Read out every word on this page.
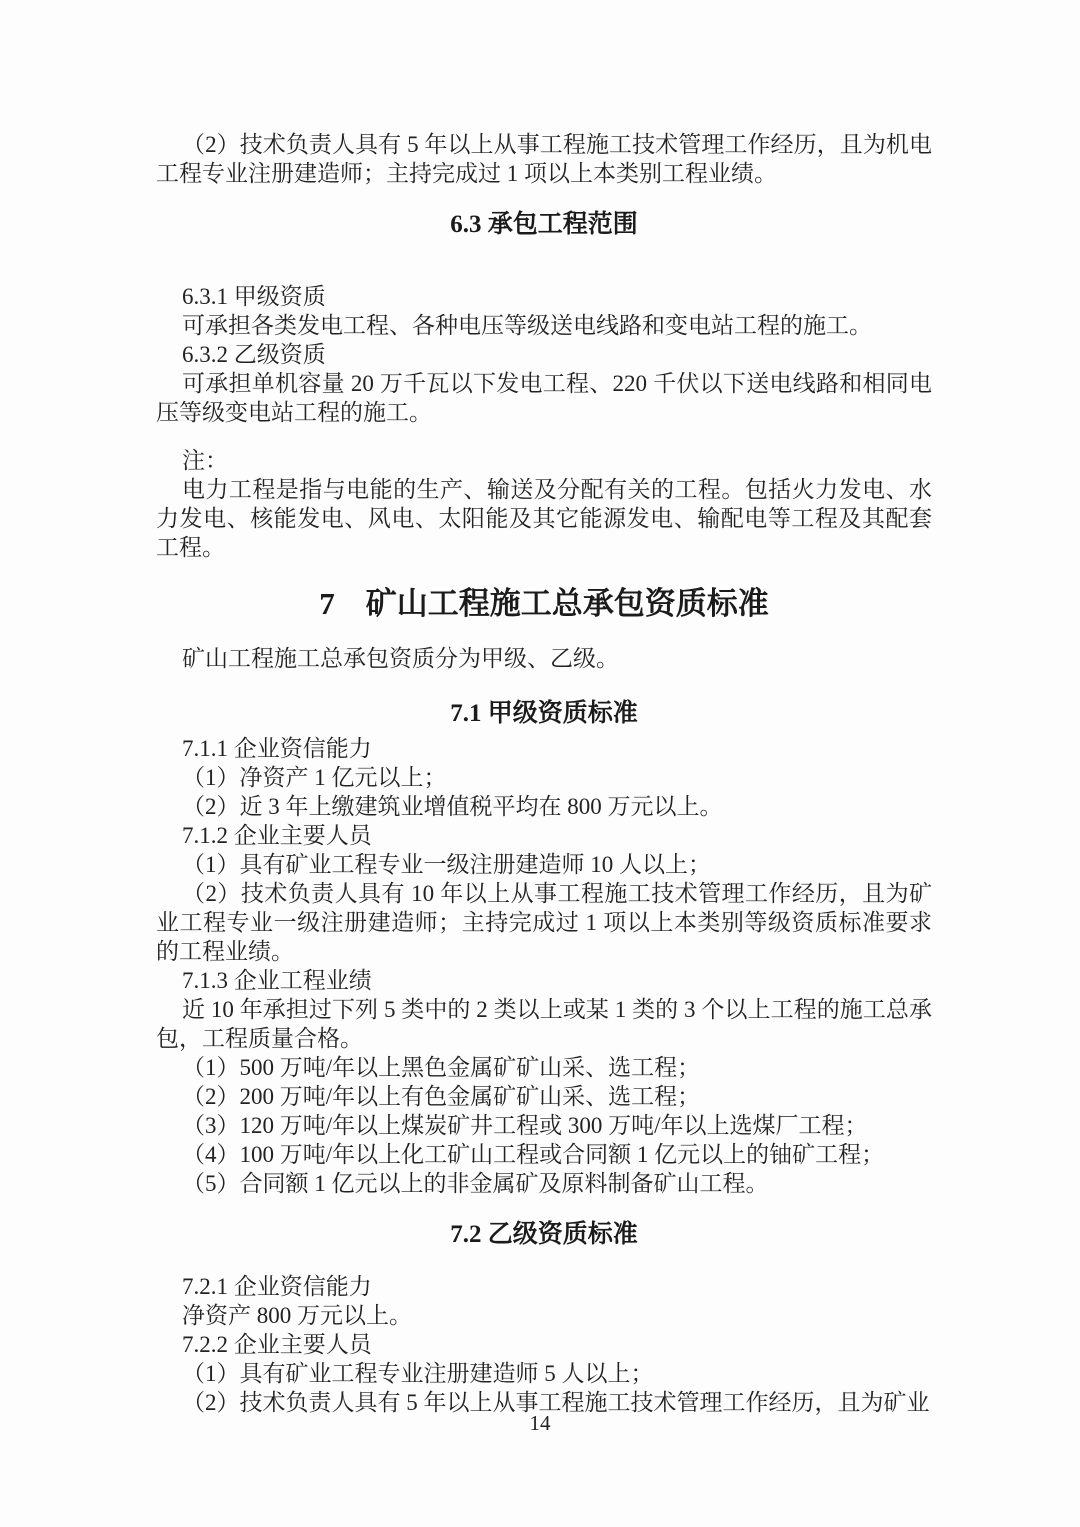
（2）技术负责人具有 5 年以上从事工程施工技术管理工作经历，且为机电工程专业注册建造师；主持完成过 1 项以上本类别工程业绩。

6.3 承包工程范围

6.3.1 甲级资质

可承担各类发电工程、各种电压等级送电线路和变电站工程的施工。

6.3.2 乙级资质

可承担单机容量 20 万千瓦以下发电工程、220 千伏以下送电线路和相同电压等级变电站工程的施工。

注：

电力工程是指与电能的生产、输送及分配有关的工程。包括火力发电、水力发电、核能发电、风电、太阳能及其它能源发电、输配电等工程及其配套工程。

7　矿山工程施工总承包资质标准

矿山工程施工总承包资质分为甲级、乙级。

7.1 甲级资质标准

7.1.1 企业资信能力

（1）净资产 1 亿元以上；

（2）近 3 年上缴建筑业增值税平均在 800 万元以上。

7.1.2 企业主要人员

（1）具有矿业工程专业一级注册建造师 10 人以上；

（2）技术负责人具有 10 年以上从事工程施工技术管理工作经历，且为矿业工程专业一级注册建造师；主持完成过 1 项以上本类别等级资质标准要求的工程业绩。

7.1.3 企业工程业绩

近 10 年承担过下列 5 类中的 2 类以上或某 1 类的 3 个以上工程的施工总承包，工程质量合格。

（1）500 万吨/年以上黑色金属矿矿山采、选工程；

（2）200 万吨/年以上有色金属矿矿山采、选工程；

（3）120 万吨/年以上煤炭矿井工程或 300 万吨/年以上选煤厂工程；

（4）100 万吨/年以上化工矿山工程或合同额 1 亿元以上的铀矿工程；

（5）合同额 1 亿元以上的非金属矿及原料制备矿山工程。

7.2 乙级资质标准

7.2.1 企业资信能力

净资产 800 万元以上。

7.2.2 企业主要人员

（1）具有矿业工程专业注册建造师 5 人以上；

（2）技术负责人具有 5 年以上从事工程施工技术管理工作经历，且为矿业

14
